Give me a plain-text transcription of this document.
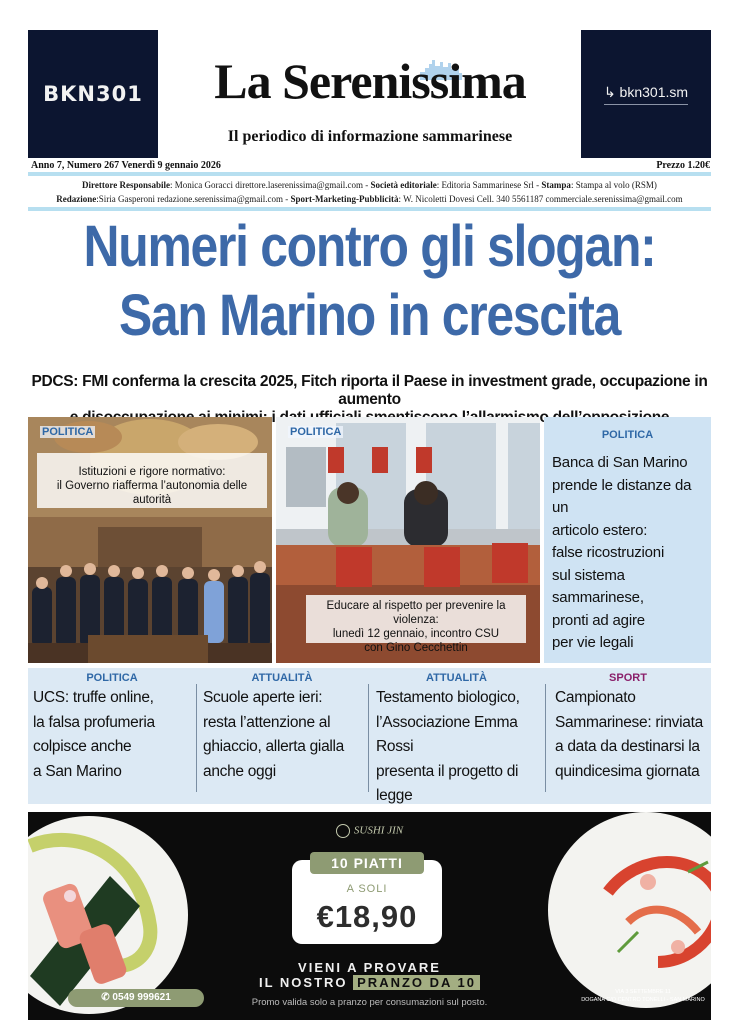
BKN301	↳ bkn301.sm
La Serenissima
Il periodico di informazione sammarinese
Anno 7, Numero 267 Venerdì 9 gennaio 2026	Prezzo 1.20€
Direttore Responsabile: Monica Goracci direttore.laserenissima@gmail.com - Società editoriale: Editoria Sammarinese Srl - Stampa: Stampa al volo (RSM)
Redazione:Siria Gasperoni redazione.serenissima@gmail.com - Sport-Marketing-Pubblicità: W. Nicoletti Dovesi Cell. 340 5561187 commerciale.serenissima@gmail.com
Numeri contro gli slogan:
San Marino in crescita
PDCS: FMI conferma la crescita 2025, Fitch riporta il Paese in investment grade, occupazione in aumento
i
POLITICA
Istituzioni e rigore normativo:
il Governo riafferma l’autonomia delle autorità
POLITICA
Educare al rispetto per prevenire la violenza:
lunedì 12 gennaio, incontro CSU
con Gino Cecchettin
POLITICA
Banca di San Marino
prende le distanze da un
articolo estero:
false ricostruzioni
sul sistema sammarinese,
pronti ad agire
per vie legali
POLITICA
UCS: truffe online,
la falsa profumeria
colpisce anche
a San Marino
ATTUALITÀ
Scuole aperte ieri:
resta l’attenzione al
ghiaccio, allerta gialla
anche oggi
ATTUALITÀ
Testamento biologico,
l’Associazione Emma Rossi
presenta il progetto di legge
SPORT
Campionato
Sammarinese: rinviata
a data da destinarsi la
quindicesima giornata
SUSHI JIN
10 PIATTI
A SOLI
€18,90
VIENI A PROVARE
IL NOSTRO PRANZO DA 10
Promo valida solo a pranzo per consumazioni sul posto.
✆ 0549 999621	VIA 3 SETTEMBRE 11
DOGANA C/O CENTRO TONELLI - SAN MARINO
